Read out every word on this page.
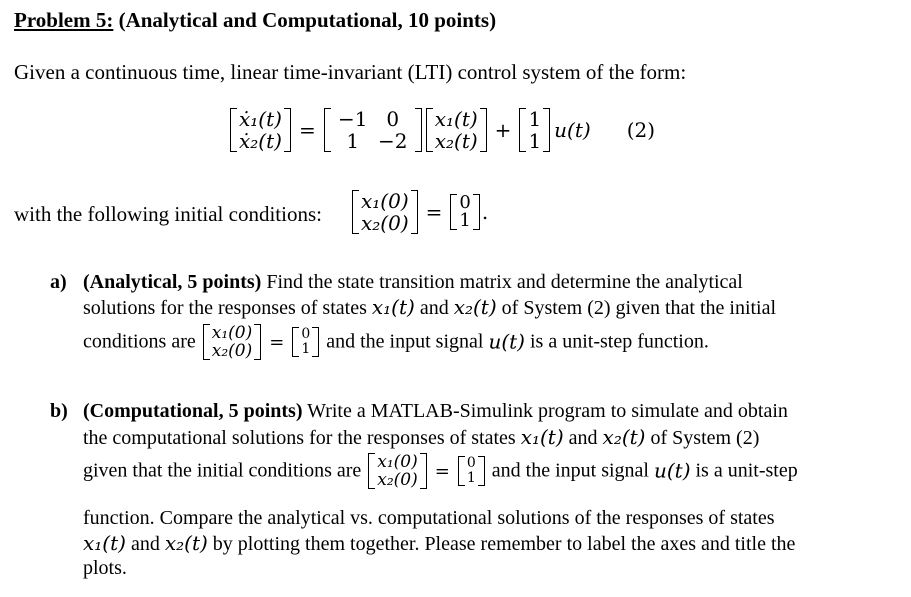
Problem 5: (Analytical and Computational, 10 points)
Given a continuous time, linear time-invariant (LTI) control system of the form:
ẋ₁(t)
ẋ₂(t) = −1 0
1 −2
x₁(t)
x₂(t) + 1
1 u(t) (2)
with the following initial conditions:
x₁(0)
x₂(0) = 0
1 .
a) (Analytical, 5 points) Find the state transition matrix and determine the analytical
solutions for the responses of states x₁(t) and x₂(t) of System (2) given that the initial
conditions are x₁(0)
x₂(0) = 0
1 and the input signal u(t) is a unit-step function.
b) (Computational, 5 points) Write a MATLAB-Simulink program to simulate and obtain
the computational solutions for the responses of states x₁(t) and x₂(t) of System (2)
given that the initial conditions are x₁(0)
x₂(0) = 0
1 and the input signal u(t) is a unit-step
function. Compare the analytical vs. computational solutions of the responses of states
x₁(t) and x₂(t) by plotting them together. Please remember to label the axes and title the
plots.
